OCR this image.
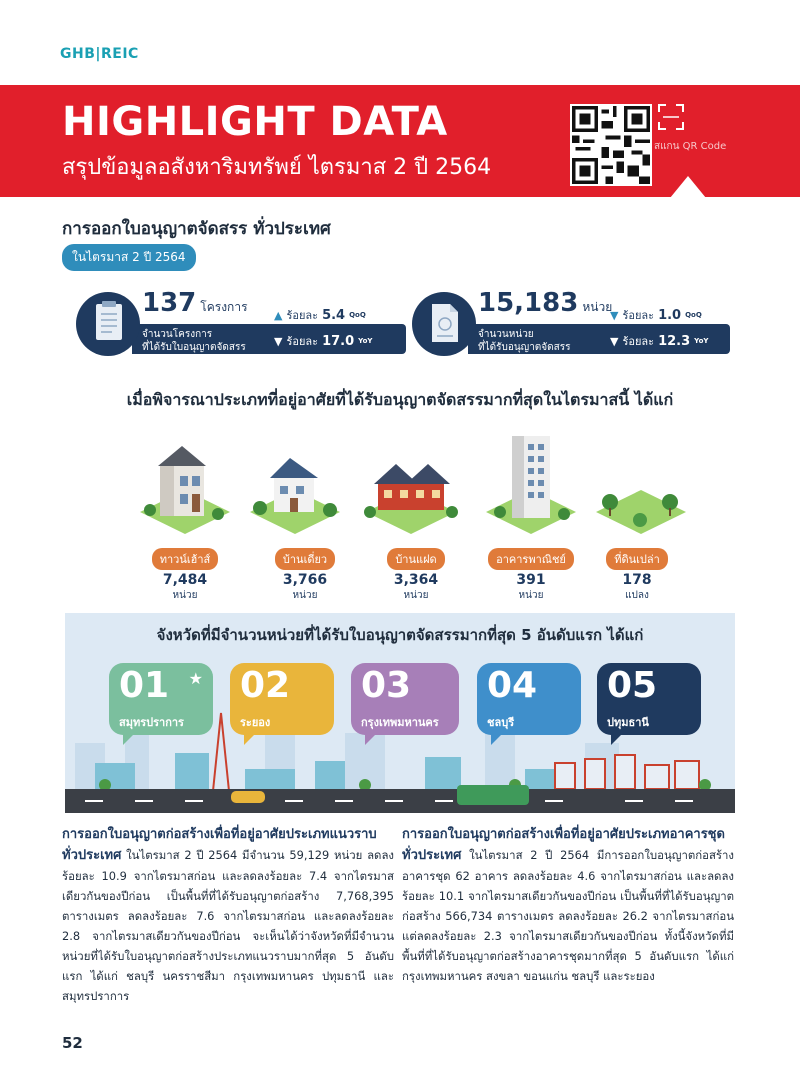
GHB|REIC
HIGHLIGHT DATA
สรุปข้อมูลอสังหาริมทรัพย์ ไตรมาส 2 ปี 2564
สแกน QR Code
การออกใบอนุญาตจัดสรร ทั่วประเทศ
ในไตรมาส 2 ปี 2564
137 โครงการ
จำนวนโครงการ
ที่ได้รับใบอนุญาตจัดสรร
▲ ร้อยละ 5.4 QoQ
▼ ร้อยละ 17.0 YoY
15,183 หน่วย
จำนวนหน่วย
ที่ได้รับอนุญาตจัดสรร
▼ ร้อยละ 1.0 QoQ
▼ ร้อยละ 12.3 YoY
เมื่อพิจารณาประเภทที่อยู่อาศัยที่ได้รับอนุญาตจัดสรรมากที่สุดในไตรมาสนี้ ได้แก่
ทาวน์เฮ้าส์
7,484
หน่วย
บ้านเดี่ยว
3,766
หน่วย
บ้านแฝด
3,364
หน่วย
อาคารพาณิชย์
391
หน่วย
ที่ดินเปล่า
178
แปลง
จังหวัดที่มีจำนวนหน่วยที่ได้รับใบอนุญาตจัดสรรมากที่สุด 5 อันดับแรก ได้แก่
01
สมุทรปราการ
★ 02
ระยอง
03
กรุงเทพมหานคร
04
ชลบุรี
05
ปทุมธานี
การออกใบอนุญาตก่อสร้างเพื่อที่อยู่อาศัยประเภทแนวราบ ทั่วประเทศ ในไตรมาส 2 ปี 2564 มีจำนวน 59,129 หน่วย ลดลงร้อยละ 10.9 จากไตรมาสก่อน และลดลงร้อยละ 7.4 จากไตรมาสเดียวกันของปีก่อน เป็นพื้นที่ที่ได้รับอนุญาตก่อสร้าง 7,768,395 ตารางเมตร ลดลงร้อยละ 7.6 จากไตรมาสก่อน และลดลงร้อยละ 2.8 จากไตรมาสเดียวกันของปีก่อน จะเห็นได้ว่าจังหวัดที่มีจำนวนหน่วยที่ได้รับใบอนุญาตก่อสร้างประเภทแนวราบมากที่สุด 5 อันดับแรก ได้แก่ ชลบุรี นครราชสีมา กรุงเทพมหานคร ปทุมธานี และสมุทรปราการ
การออกใบอนุญาตก่อสร้างเพื่อที่อยู่อาศัยประเภทอาคารชุด ทั่วประเทศ ในไตรมาส 2 ปี 2564 มีการออกใบอนุญาตก่อสร้างอาคารชุด 62 อาคาร ลดลงร้อยละ 4.6 จากไตรมาสก่อน และลดลงร้อยละ 10.1 จากไตรมาสเดียวกันของปีก่อน เป็นพื้นที่ที่ได้รับอนุญาตก่อสร้าง 566,734 ตารางเมตร ลดลงร้อยละ 26.2 จากไตรมาสก่อน แต่ลดลงร้อยละ 2.3 จากไตรมาสเดียวกันของปีก่อน ทั้งนี้จังหวัดที่มีพื้นที่ที่ได้รับอนุญาตก่อสร้างอาคารชุดมากที่สุด 5 อันดับแรก ได้แก่ กรุงเทพมหานคร สงขลา ขอนแก่น ชลบุรี และระยอง
52
